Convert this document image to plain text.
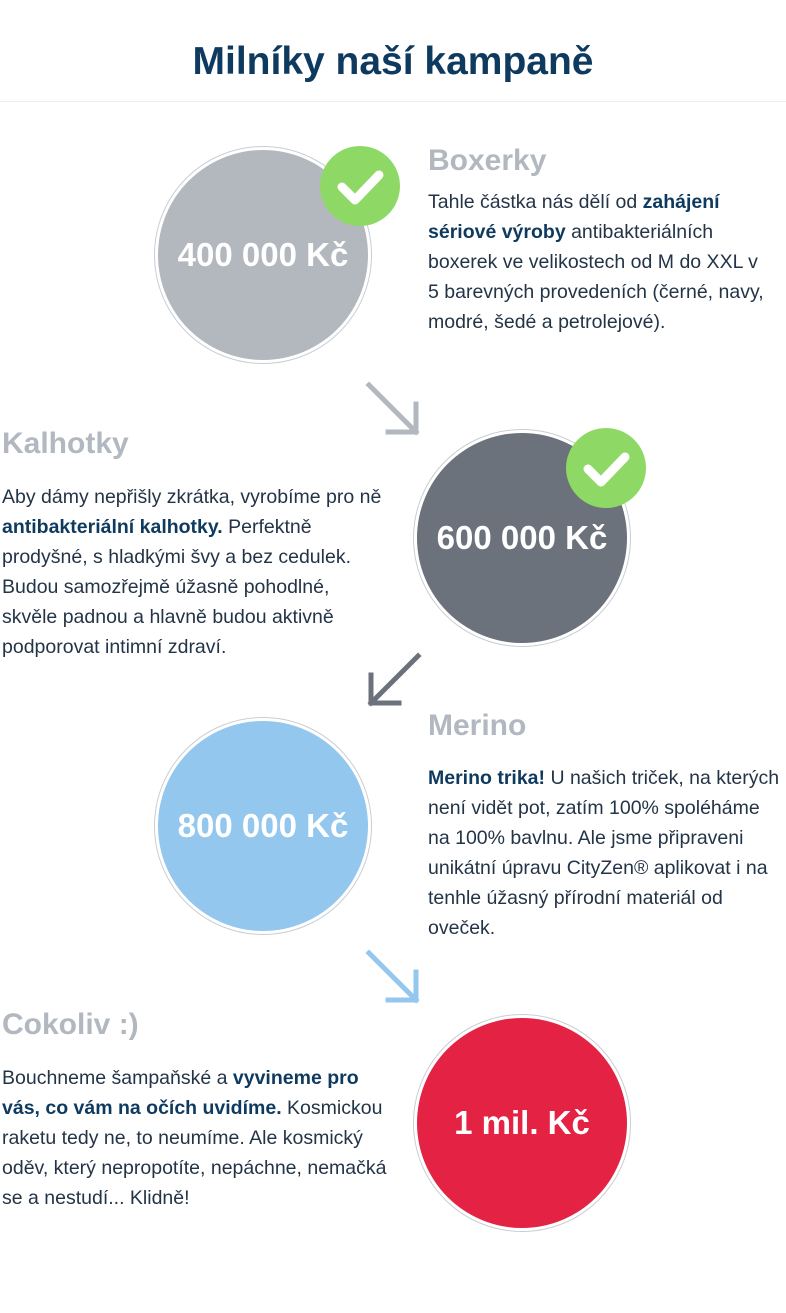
Milníky naší kampaně
400 000 Kč
Boxerky

Tahle částka nás dělí od zahájení sériové výroby antibakteriálních boxerek ve velikostech od M do XXL v 5 barevných provedeních (černé, navy, modré, šedé a petrolejové).

Kalhotky

Aby dámy nepřišly zkrátka, vyrobíme pro ně antibakteriální kalhotky. Perfektně prodyšné, s hladkými švy a bez cedulek. Budou samozřejmě úžasně pohodlné, skvěle padnou a hlavně budou aktivně podporovat intimní zdraví.

600 000 Kč
800 000 Kč
Merino

Merino trika! U našich triček, na kterých není vidět pot, zatím 100% spoléháme na 100% bavlnu. Ale jsme připraveni unikátní úpravu CityZen® aplikovat i na tenhle úžasný přírodní materiál od oveček.

Cokoliv :)

Bouchneme šampaňské a vyvineme pro vás, co vám na očích uvidíme. Kosmickou raketu tedy ne, to neumíme. Ale kosmický oděv, který nepropotíte, nepáchne, nemačká se a nestudí... Klidně!

1 mil. Kč
